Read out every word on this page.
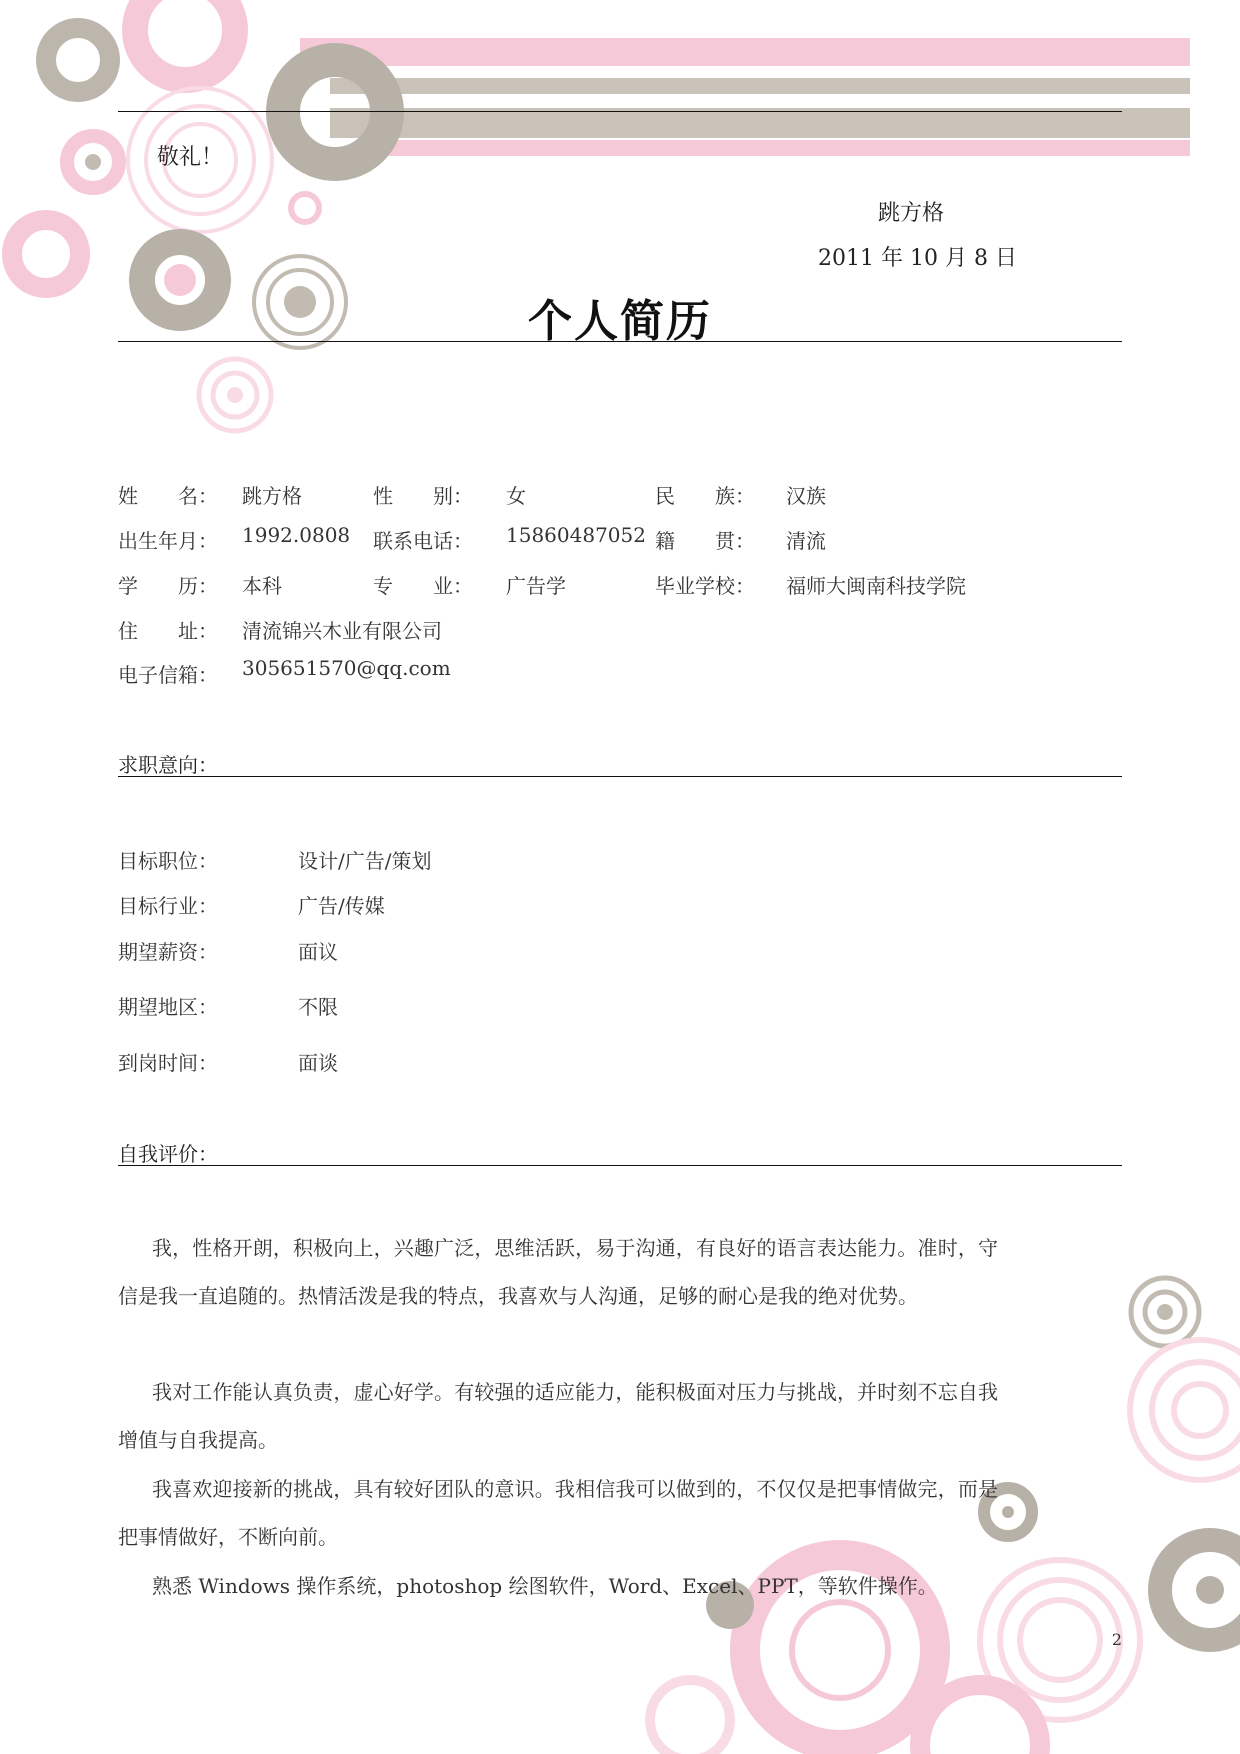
敬礼！
跳方格
2011 年 10 月 8 日
个人简历
姓　　名： 跳方格	性　　别： 女	民　　族： 汉族
出生年月： 1992.0808 联系电话： 15860487052 籍　　贯： 清流
学　　历： 本科	专　　业： 广告学	毕业学校： 福师大闽南科技学院
住　　址： 清流锦兴木业有限公司
电子信箱： 305651570@qq.com
求职意向：
目标职位：	设计/广告/策划
目标行业：	广告/传媒
期望薪资：	面议
期望地区：	不限
到岗时间：	面谈
自我评价：
我，性格开朗，积极向上，兴趣广泛，思维活跃，易于沟通，有良好的语言表达能力。准时，守信是我一直追随的。热情活泼是我的特点，我喜欢与人沟通，足够的耐心是我的绝对优势。
我对工作能认真负责，虚心好学。有较强的适应能力，能积极面对压力与挑战，并时刻不忘自我增值与自我提高。
我喜欢迎接新的挑战，具有较好团队的意识。我相信我可以做到的，不仅仅是把事情做完，而是把事情做好，不断向前。
熟悉 Windows 操作系统，photoshop 绘图软件，Word、Excel、PPT，等软件操作。
2
